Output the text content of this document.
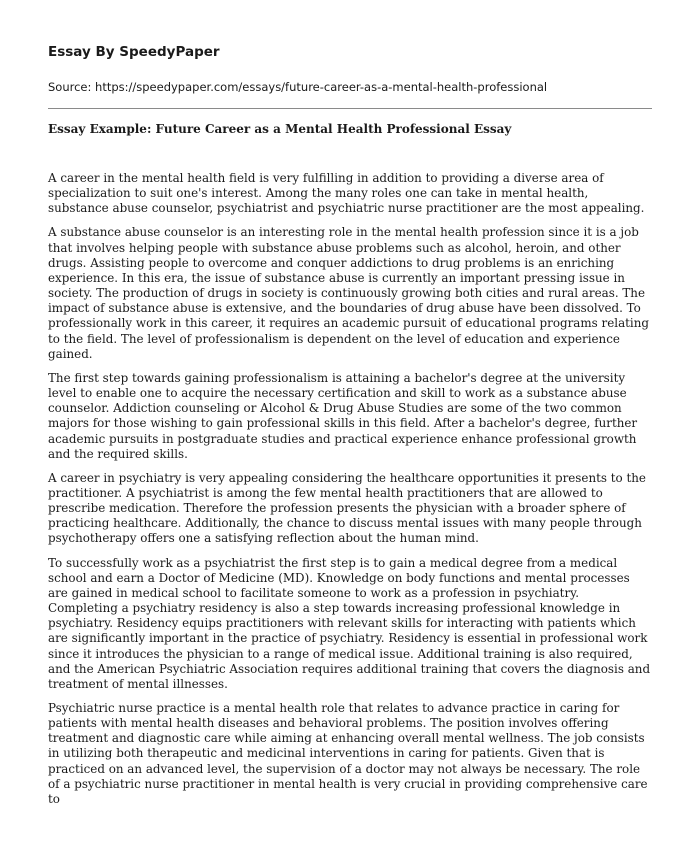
Essay By SpeedyPaper
Source: https://speedypaper.com/essays/future-career-as-a-mental-health-professional
Essay Example: Future Career as a Mental Health Professional Essay

A career in the mental health field is very fulfilling in addition to providing a diverse area of specialization to suit one's interest. Among the many roles one can take in mental health, substance abuse counselor, psychiatrist and psychiatric nurse practitioner are the most appealing.

A substance abuse counselor is an interesting role in the mental health profession since it is a job that involves helping people with substance abuse problems such as alcohol, heroin, and other drugs. Assisting people to overcome and conquer addictions to drug problems is an enriching experience. In this era, the issue of substance abuse is currently an important pressing issue in society. The production of drugs in society is continuously growing both cities and rural areas. The impact of substance abuse is extensive, and the boundaries of drug abuse have been dissolved. To professionally work in this career, it requires an academic pursuit of educational programs relating to the field. The level of professionalism is dependent on the level of education and experience gained.

The first step towards gaining professionalism is attaining a bachelor's degree at the university level to enable one to acquire the necessary certification and skill to work as a substance abuse counselor. Addiction counseling or Alcohol & Drug Abuse Studies are some of the two common majors for those wishing to gain professional skills in this field. After a bachelor's degree, further academic pursuits in postgraduate studies and practical experience enhance professional growth and the required skills.

A career in psychiatry is very appealing considering the healthcare opportunities it presents to the practitioner. A psychiatrist is among the few mental health practitioners that are allowed to prescribe medication. Therefore the profession presents the physician with a broader sphere of practicing healthcare. Additionally, the chance to discuss mental issues with many people through psychotherapy offers one a satisfying reflection about the human mind.

To successfully work as a psychiatrist the first step is to gain a medical degree from a medical school and earn a Doctor of Medicine (MD). Knowledge on body functions and mental processes are gained in medical school to facilitate someone to work as a profession in psychiatry. Completing a psychiatry residency is also a step towards increasing professional knowledge in psychiatry. Residency equips practitioners with relevant skills for interacting with patients which are significantly important in the practice of psychiatry. Residency is essential in professional work since it introduces the physician to a range of medical issue. Additional training is also required, and the American Psychiatric Association requires additional training that covers the diagnosis and treatment of mental illnesses.

Psychiatric nurse practice is a mental health role that relates to advance practice in caring for patients with mental health diseases and behavioral problems. The position involves offering treatment and diagnostic care while aiming at enhancing overall mental wellness. The job consists in utilizing both therapeutic and medicinal interventions in caring for patients. Given that is practiced on an advanced level, the supervision of a doctor may not always be necessary. The role of a psychiatric nurse practitioner in mental health is very crucial in providing comprehensive care to
